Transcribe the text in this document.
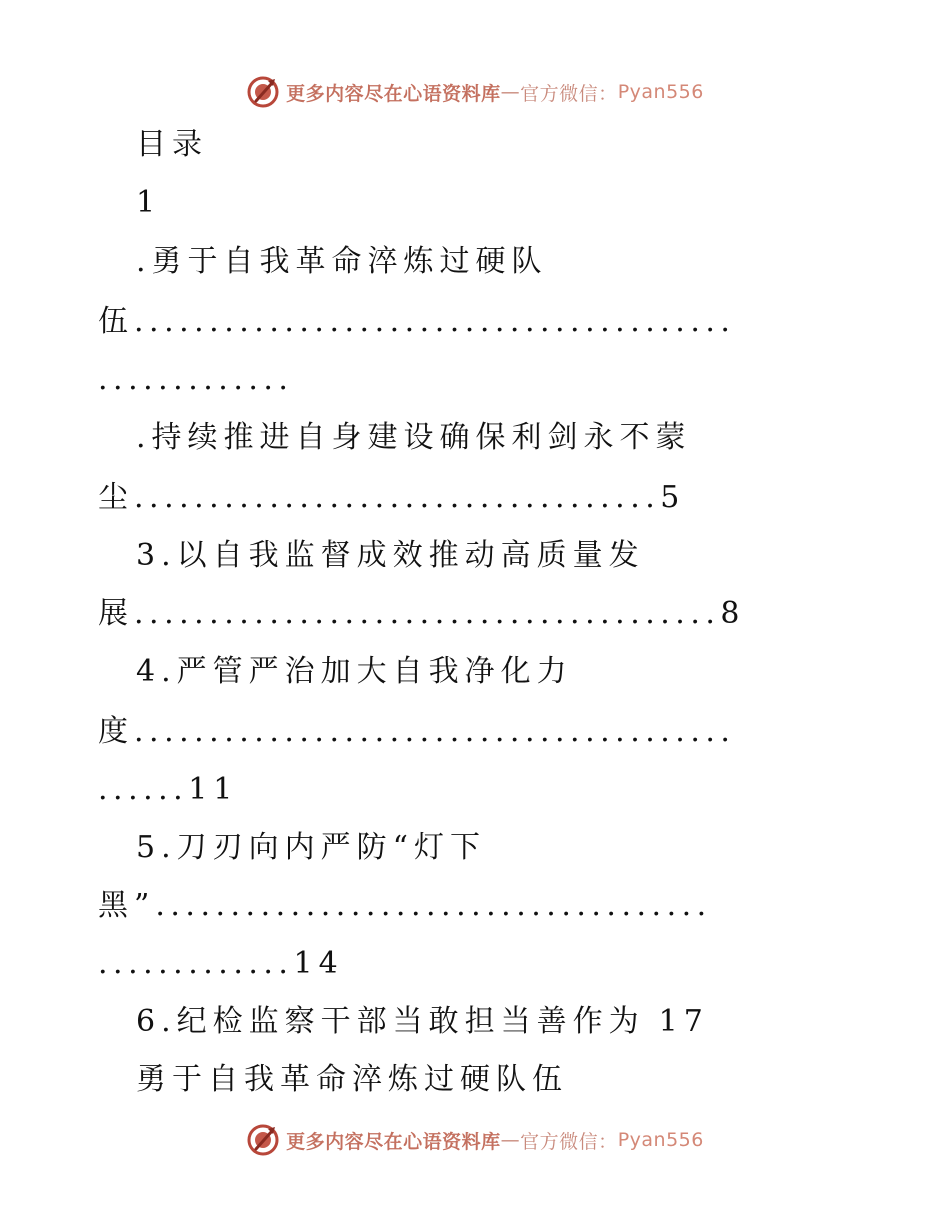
更多内容尽在心语资料库 — 官方微信： Pyan556
目录
1
.勇于自我革命淬炼过硬队
伍........................................
.............
.持续推进自身建设确保利剑永不蒙
尘...................................5
3.以自我监督成效推动高质量发
展.......................................8
4.严管严治加大自我净化力
度........................................
......11
5.刀刃向内严防“灯下
黑”.....................................
.............14
6.纪检监察干部当敢担当善作为 17
勇于自我革命淬炼过硬队伍
更多内容尽在心语资料库 — 官方微信： Pyan556
